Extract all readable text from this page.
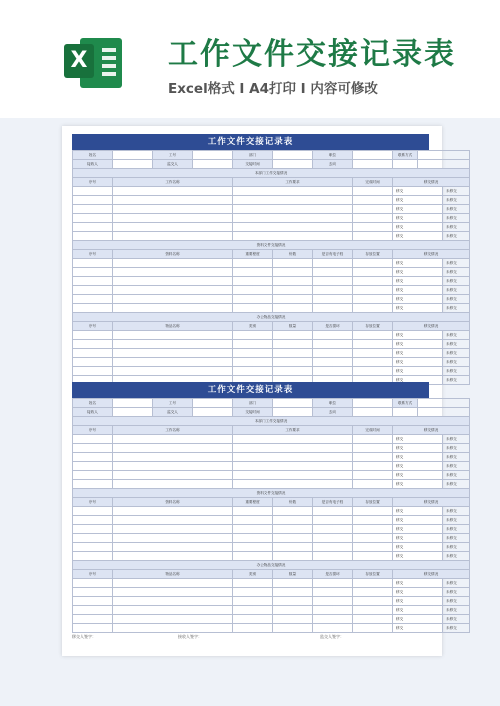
X	工作文件交接记录表
Excel格式 I A4打印 I 内容可修改
工作文件交接记录表
姓名		工号		部门		职位		联系方式		
接收人		监交人		交接时间		去向				
本部门工作交接情况										
序号	工作名称			工作要求			完成时间	移交情况		
								移交		未移交
								移交		未移交
								移交		未移交
								移交		未移交
								移交		未移交
								移交		未移交
资料文件交接情况										
序号	资料名称			重要程度	份数	是否有电子档	存放位置	移交情况		
								移交		未移交
								移交		未移交
								移交		未移交
								移交		未移交
								移交		未移交
								移交		未移交
办公物品交接情况										
序号	物品名称			类别	数量	是否损坏	存放位置	移交情况		
								移交		未移交
								移交		未移交
								移交		未移交
								移交		未移交
								移交		未移交
								移交		未移交
工作文件交接记录表
姓名		工号		部门		职位		联系方式		
接收人		监交人		交接时间		去向				
本部门工作交接情况										
序号	工作名称			工作要求			完成时间	移交情况		
								移交		未移交
								移交		未移交
								移交		未移交
								移交		未移交
								移交		未移交
								移交		未移交
资料文件交接情况										
序号	资料名称			重要程度	份数	是否有电子档	存放位置	移交情况		
								移交		未移交
								移交		未移交
								移交		未移交
								移交		未移交
								移交		未移交
								移交		未移交
办公物品交接情况										
序号	物品名称			类别	数量	是否损坏	存放位置	移交情况		
								移交		未移交
								移交		未移交
								移交		未移交
								移交		未移交
								移交		未移交
								移交		未移交
移交人签字：	接收人签字：	监交人签字：
